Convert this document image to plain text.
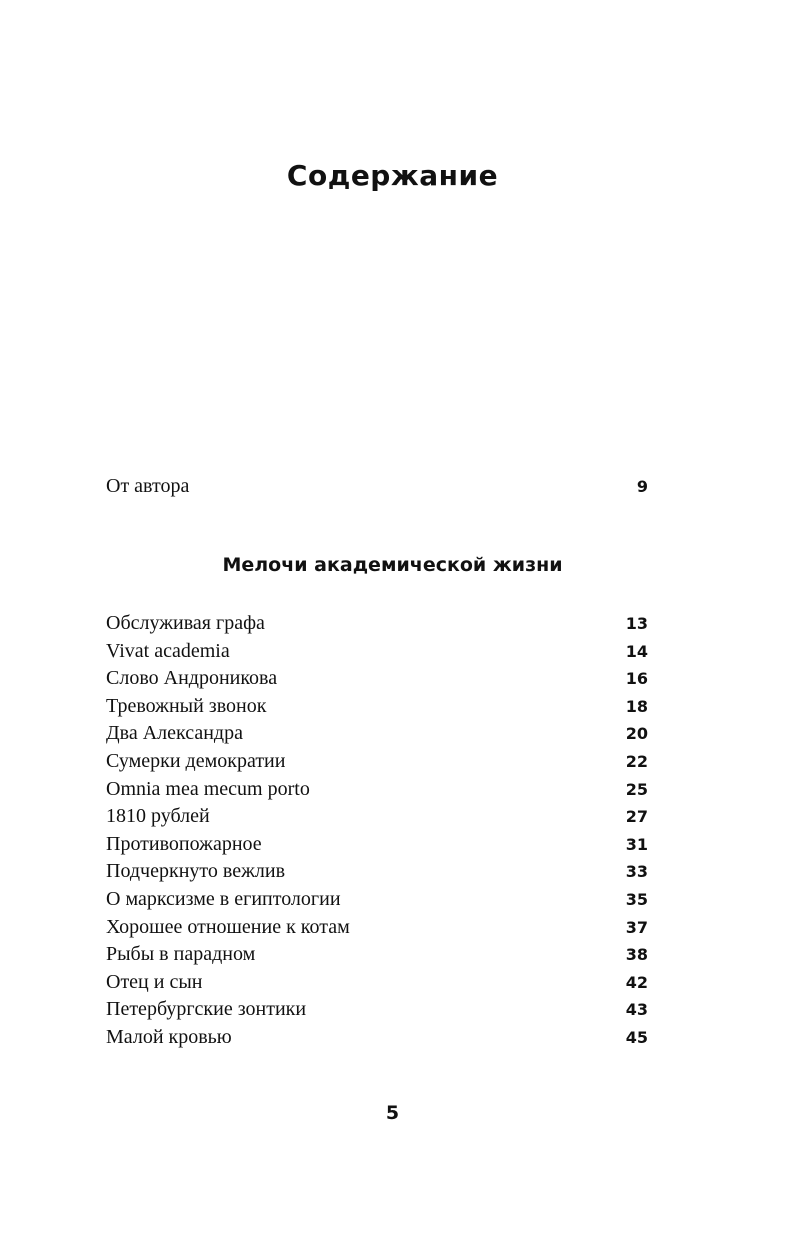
Содержание
От автора	9
Мелочи академической жизни
Обслуживая графа	13
Vivat academia	14
Слово Андроникова	16
Тревожный звонок	18
Два Александра	20
Сумерки демократии	22
Omnia mea mecum porto	25
1810 рублей	27
Противопожарное	31
Подчеркнуто вежлив	33
О марксизме в египтологии	35
Хорошее отношение к котам	37
Рыбы в парадном	38
Отец и сын	42
Петербургские зонтики	43
Малой кровью	45
5
